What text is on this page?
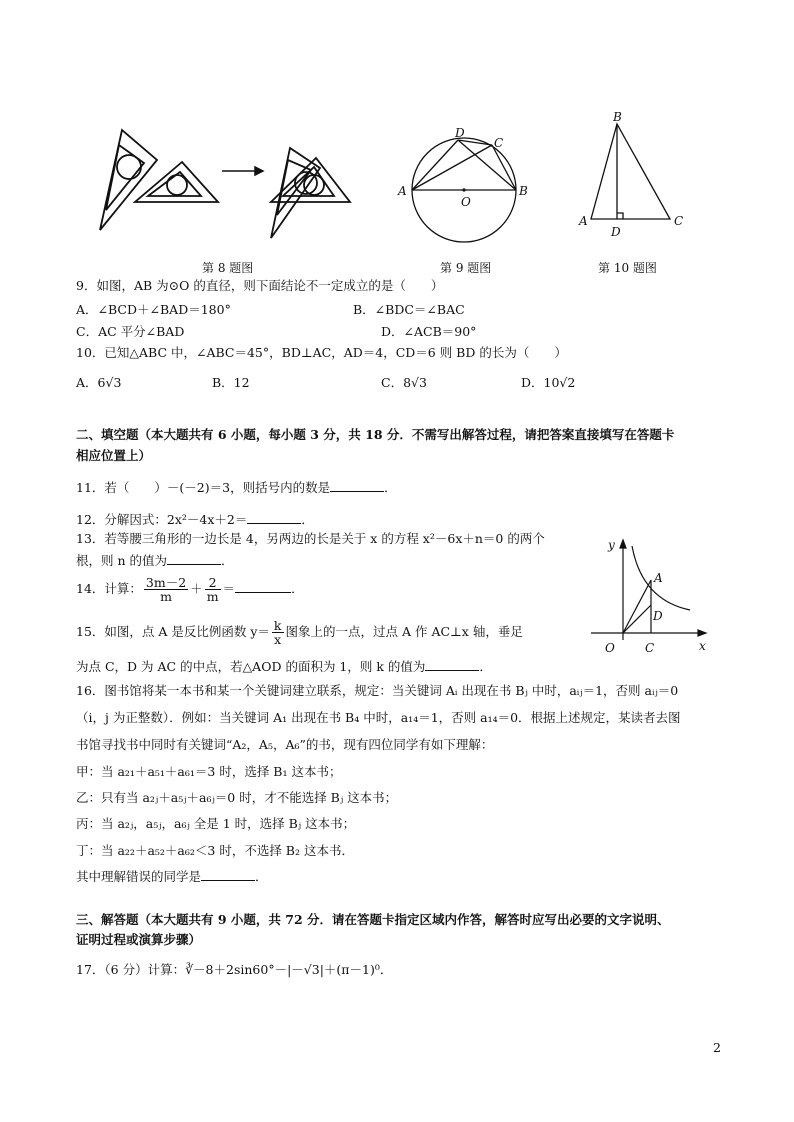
第 8 题图
D
C
A
O
B
第 9 题图
B
A
D
C
第 10 题图
9．如图，AB 为⊙O 的直径，则下面结论不一定成立的是（　　）
A．∠BCD＋∠BAD＝180°	B．∠BDC＝∠BAC
C．AC 平分∠BAD	D．∠ACB＝90°
10．已知△ABC 中，∠ABC＝45°，BD⊥AC，AD＝4，CD＝6 则 BD 的长为（　　）
A．6√3	B．12	C．8√3	D．10√2
二、填空题（本大题共有 6 小题，每小题 3 分，共 18 分．不需写出解答过程，请把答案直接填写在答题卡
相应位置上）
11．若（　　）－(－2)＝3，则括号内的数是	．
12．分解因式：2x²－4x＋2＝	．
13．若等腰三角形的一边长是 4，另两边的长是关于 x 的方程 x²－6x＋n＝0 的两个
根，则 n 的值为	．
14．计算： $\frac{3m-2}{m} + \frac{2}{m}$ ＝	．
y
A
D
O	C	x
15．如图，点 A 是反比例函数 $y= \frac{k}{x}$ 图象上的一点，过点 A 作 AC⊥x 轴，垂足
为点 C，D 为 AC 的中点，若△AOD 的面积为 1，则 k 的值为	．
16．图书馆将某一本书和某一个关键词建立联系，规定：当关键词 Aᵢ 出现在书 Bⱼ 中时，aᵢⱼ＝1，否则 aᵢⱼ＝0
（i，j 为正整数）．例如：当关键词 A₁ 出现在书 B₄ 中时，a₁₄＝1，否则 a₁₄＝0．根据上述规定，某读者去图
书馆寻找书中同时有关键词“A₂，A₅，A₆”的书，现有四位同学有如下理解：
甲：当 a₂₁＋a₅₁＋a₆₁＝3 时，选择 B₁ 这本书；
乙：只有当 a₂ⱼ＋a₅ⱼ＋a₆ⱼ＝0 时，才不能选择 Bⱼ 这本书；
丙：当 a₂ⱼ，a₅ⱼ，a₆ⱼ 全是 1 时，选择 Bⱼ 这本书；
丁：当 a₂₂＋a₅₂＋a₆₂＜3 时，不选择 B₂ 这本书．
其中理解错误的同学是	．
三、解答题（本大题共有 9 小题，共 72 分．请在答题卡指定区域内作答，解答时应写出必要的文字说明、
证明过程或演算步骤）
17．（6 分）计算：∛－8＋2sin60°－|－√3|＋(π－1)⁰．
2
